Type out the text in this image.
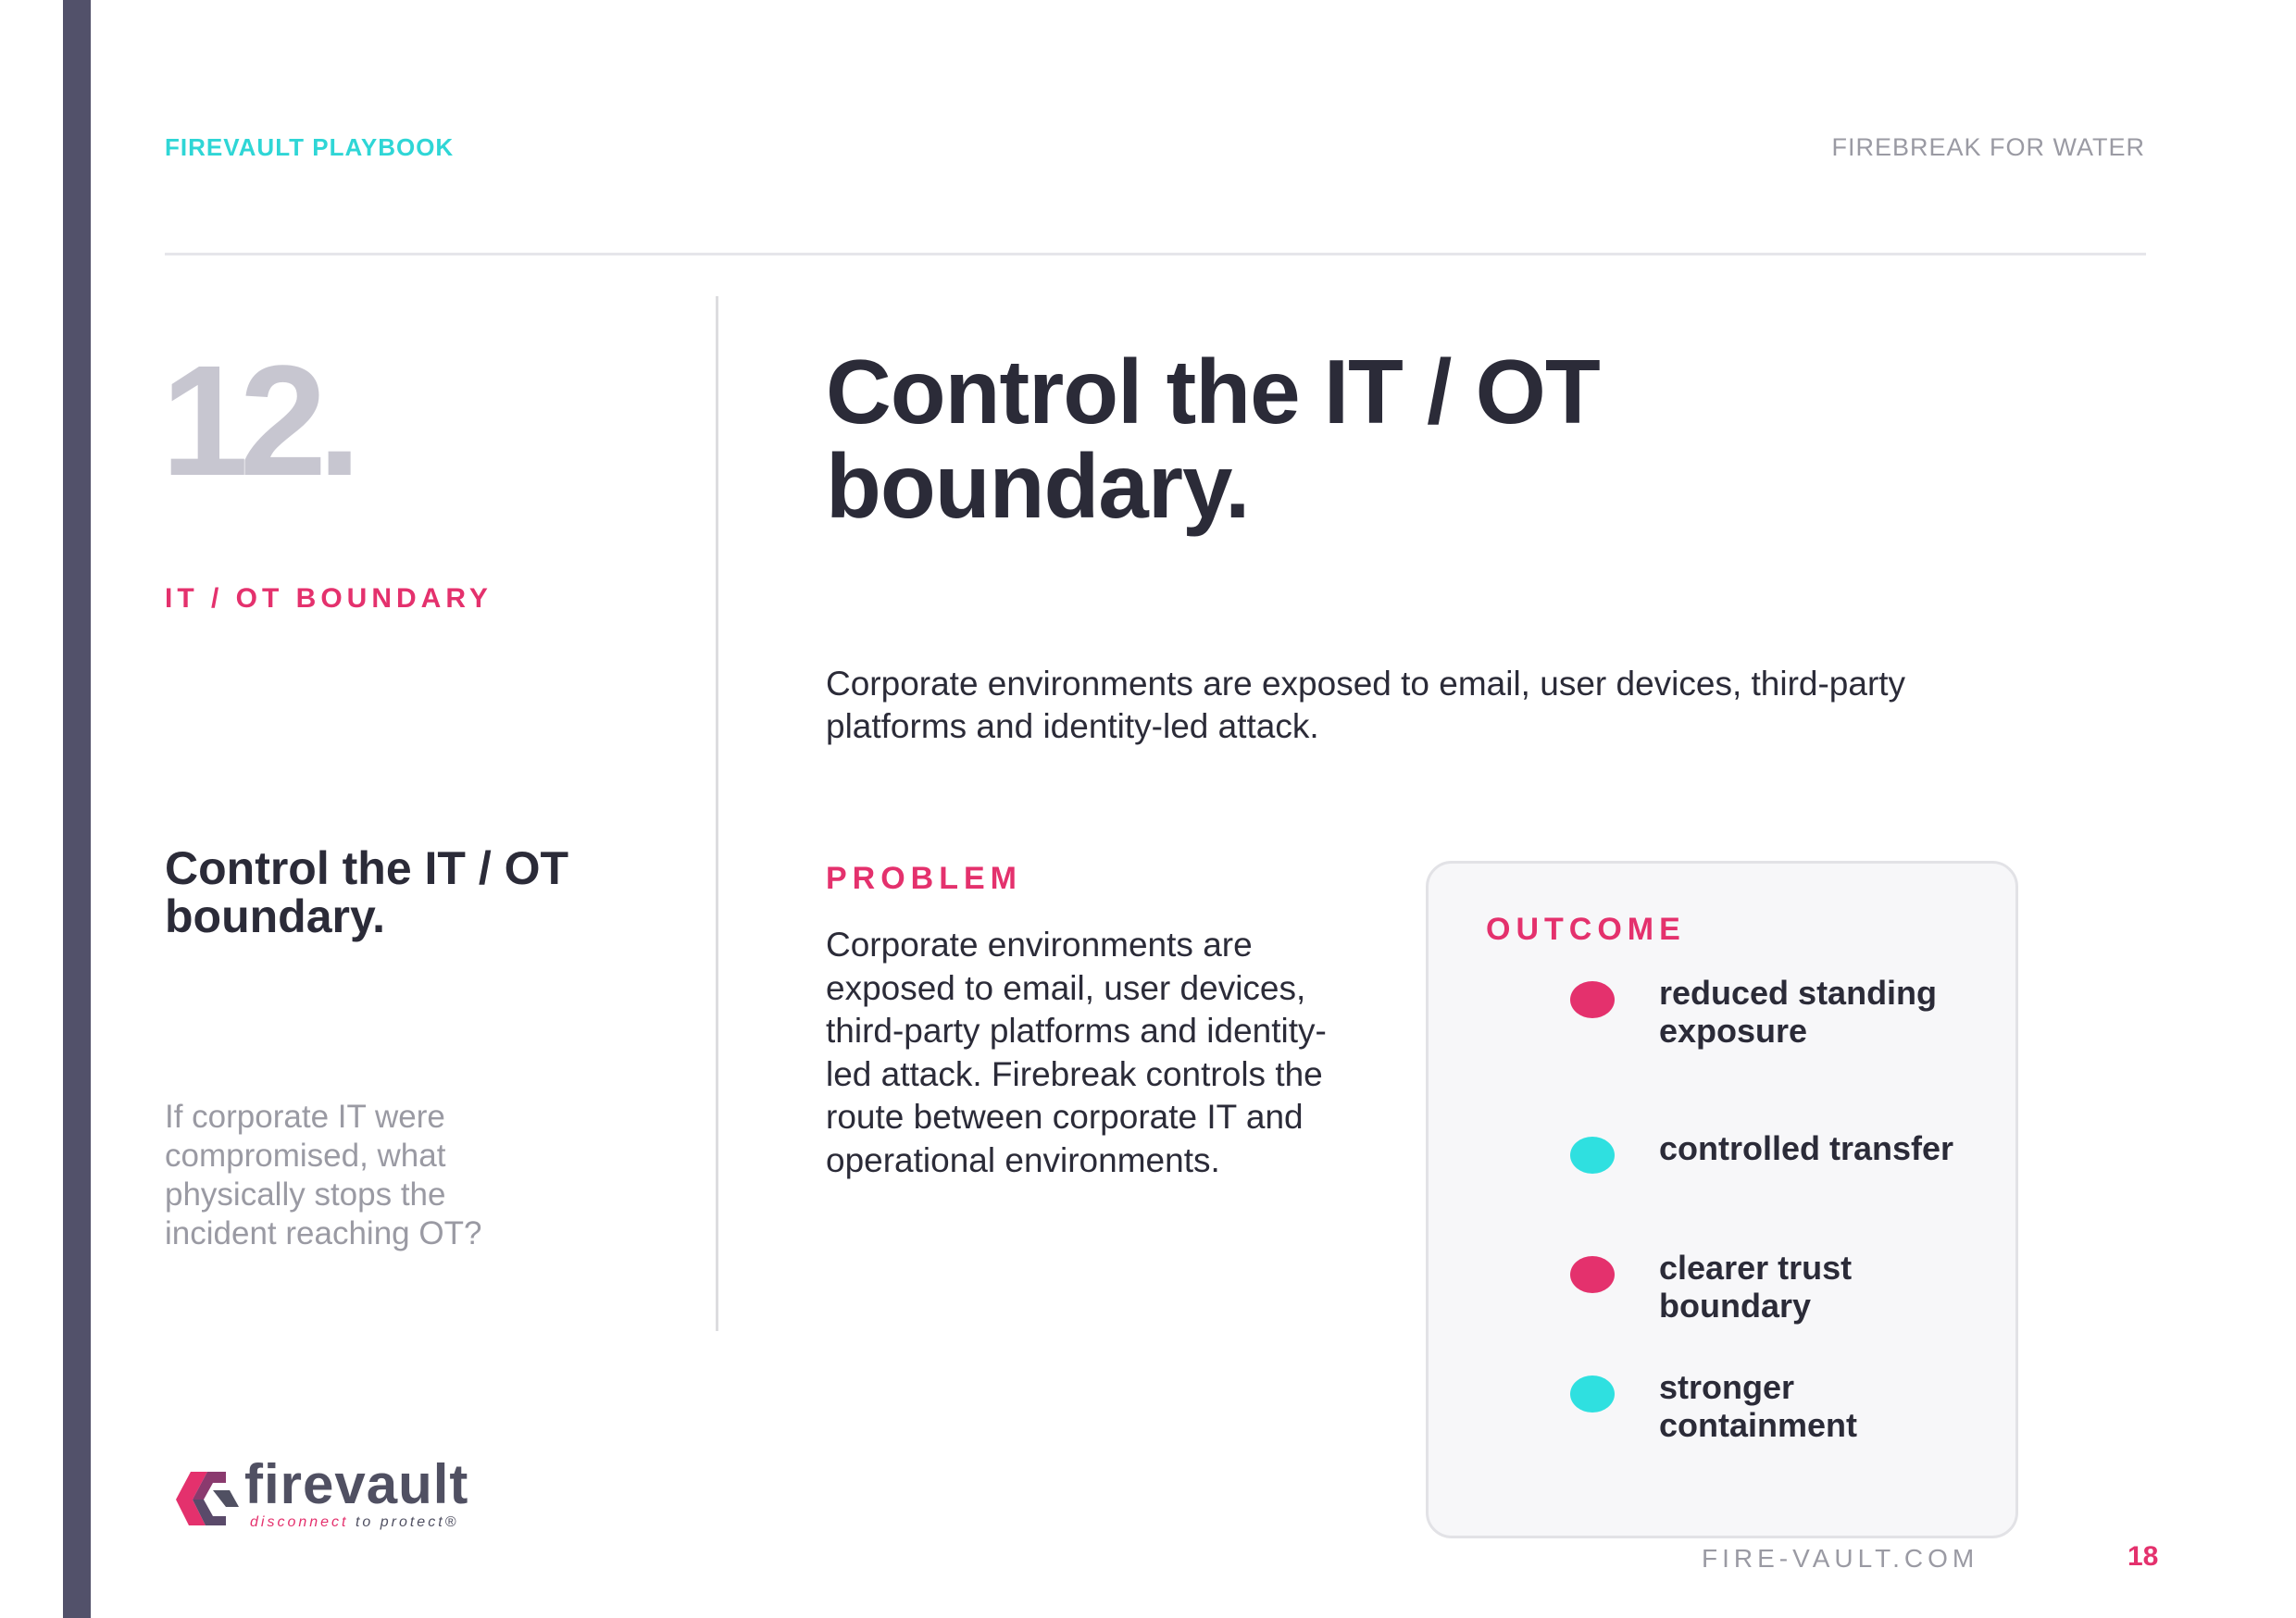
FIREVAULT PLAYBOOK	FIREBREAK FOR WATER
12.
IT / OT BOUNDARY
Control the IT / OT boundary.
If corporate IT were compromised, what physically stops the incident reaching OT?
Control the IT / OT boundary.
Corporate environments are exposed to email, user devices, third-party platforms and identity-led attack.
PROBLEM
Corporate environments are exposed to email, user devices, third-party platforms and identity-led attack. Firebreak controls the route between corporate IT and operational environments.
OUTCOME
reduced standing exposure
controlled transfer
clearer trust boundary
stronger containment
firevault
disconnect to protect®
FIRE-VAULT.COM	18
